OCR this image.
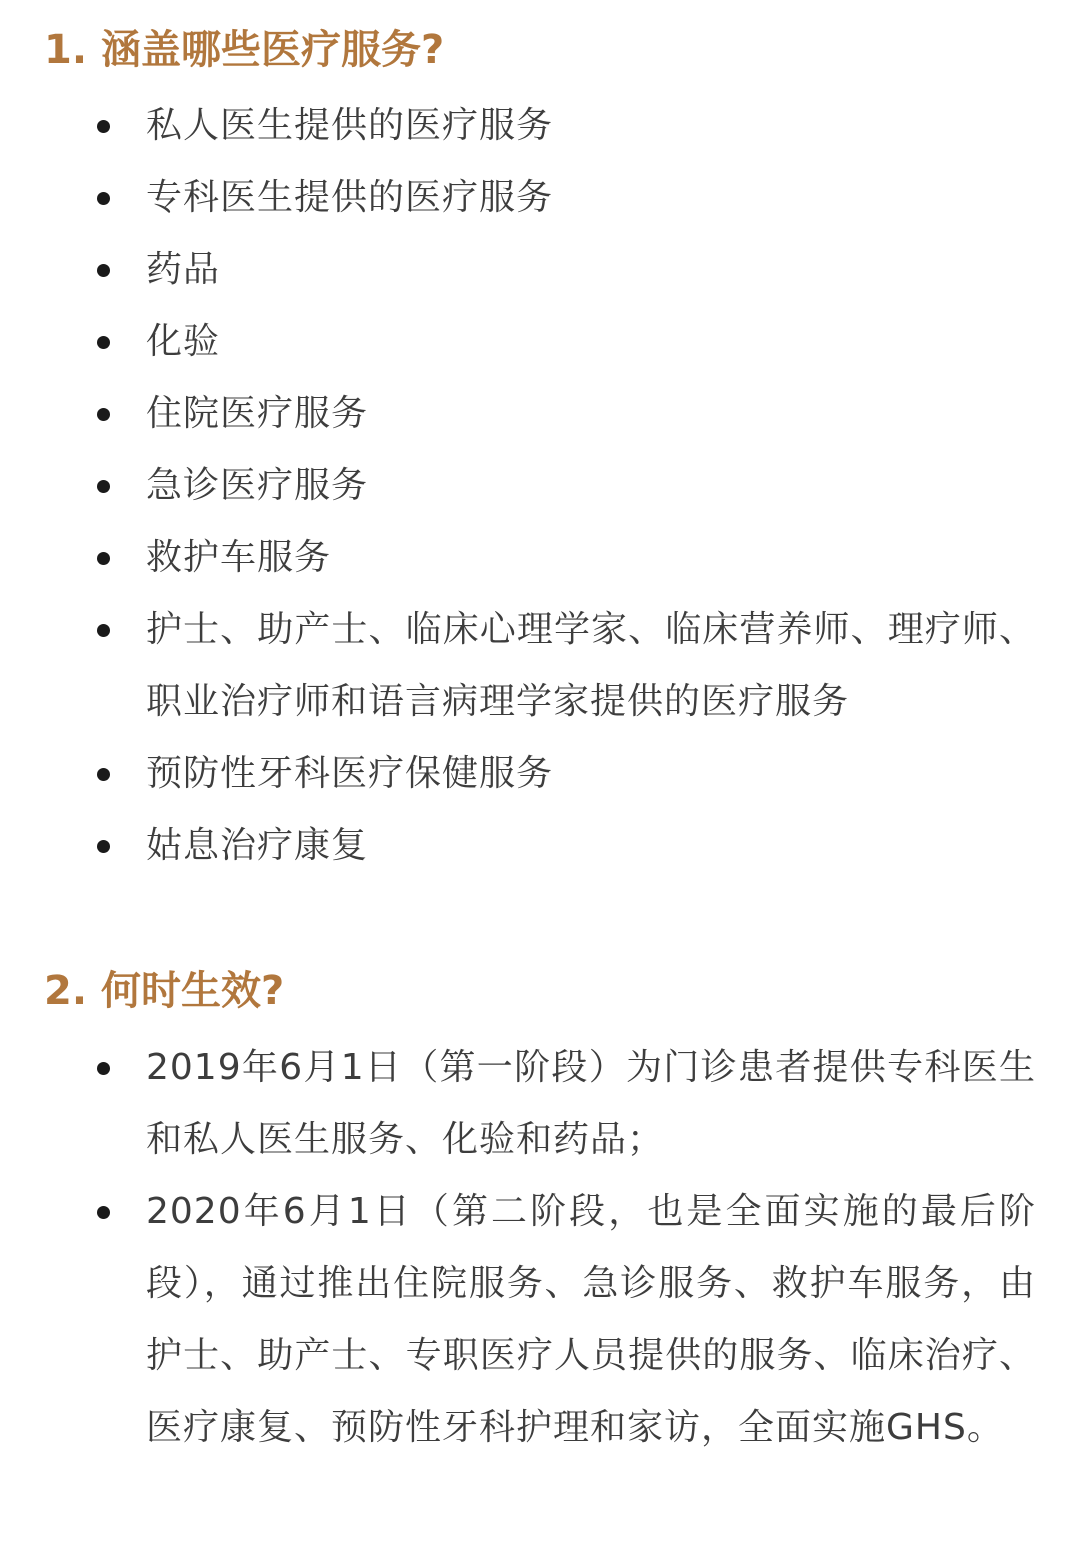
1. 涵盖哪些医疗服务?
私人医生提供的医疗服务
专科医生提供的医疗服务
药品
化验
住院医疗服务
急诊医疗服务
救护车服务
护士、助产士、临床心理学家、临床营养师、理疗师、职业治疗师和语言病理学家提供的医疗服务
预防性牙科医疗保健服务
姑息治疗康复
2. 何时生效?
2019年6月1日（第一阶段）为门诊患者提供专科医生和私人医生服务、化验和药品；
2020年6月1日（第二阶段，也是全面实施的最后阶段），通过推出住院服务、急诊服务、救护车服务，由护士、助产士、专职医疗人员提供的服务、临床治疗、医疗康复、预防性牙科护理和家访，全面实施GHS。
